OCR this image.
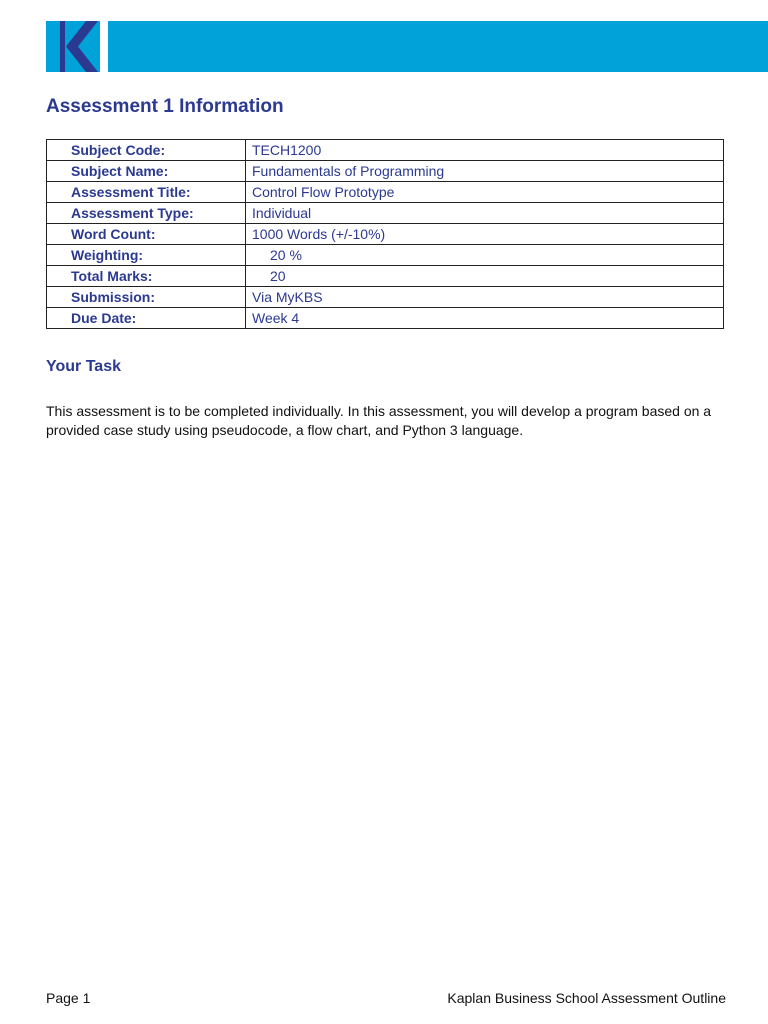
Assessment 1 Information
Subject Code:	TECH1200
Subject Name:	Fundamentals of Programming
Assessment Title:	Control Flow Prototype
Assessment Type:	Individual
Word Count:	1000 Words (+/-10%)
Weighting:	20 %
Total Marks:	20
Submission:	Via MyKBS
Due Date:	Week 4
Your Task

This assessment is to be completed individually. In this assessment, you will develop a program based on a provided case study using pseudocode, a flow chart, and Python 3 language.

Page 1	Kaplan Business School Assessment Outline
